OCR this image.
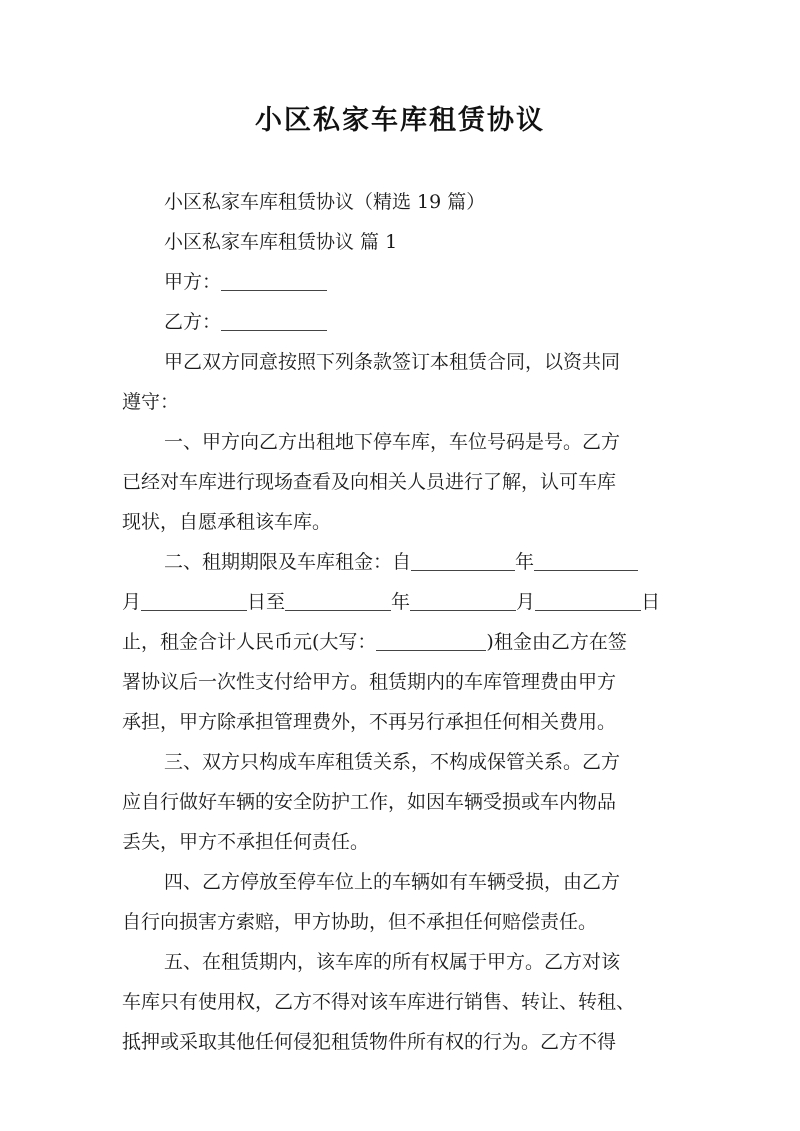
小区私家车库租赁协议
小区私家车库租赁协议（精选 19 篇）
小区私家车库租赁协议 篇 1
甲方：
乙方：
甲乙双方同意按照下列条款签订本租赁合同，以资共同
遵守：
一、甲方向乙方出租地下停车库，车位号码是号。乙方
已经对车库进行现场查看及向相关人员进行了解，认可车库
现状，自愿承租该车库。
二、租期期限及车库租金：自	年
月	日至	年	月	日
止，租金合计人民币元(大写：	)租金由乙方在签
署协议后一次性支付给甲方。租赁期内的车库管理费由甲方
承担，甲方除承担管理费外，不再另行承担任何相关费用。
三、双方只构成车库租赁关系，不构成保管关系。乙方
应自行做好车辆的安全防护工作，如因车辆受损或车内物品
丢失，甲方不承担任何责任。
四、乙方停放至停车位上的车辆如有车辆受损，由乙方
自行向损害方索赔，甲方协助，但不承担任何赔偿责任。
五、在租赁期内，该车库的所有权属于甲方。乙方对该
车库只有使用权，乙方不得对该车库进行销售、转让、转租、
抵押或采取其他任何侵犯租赁物件所有权的行为。乙方不得
